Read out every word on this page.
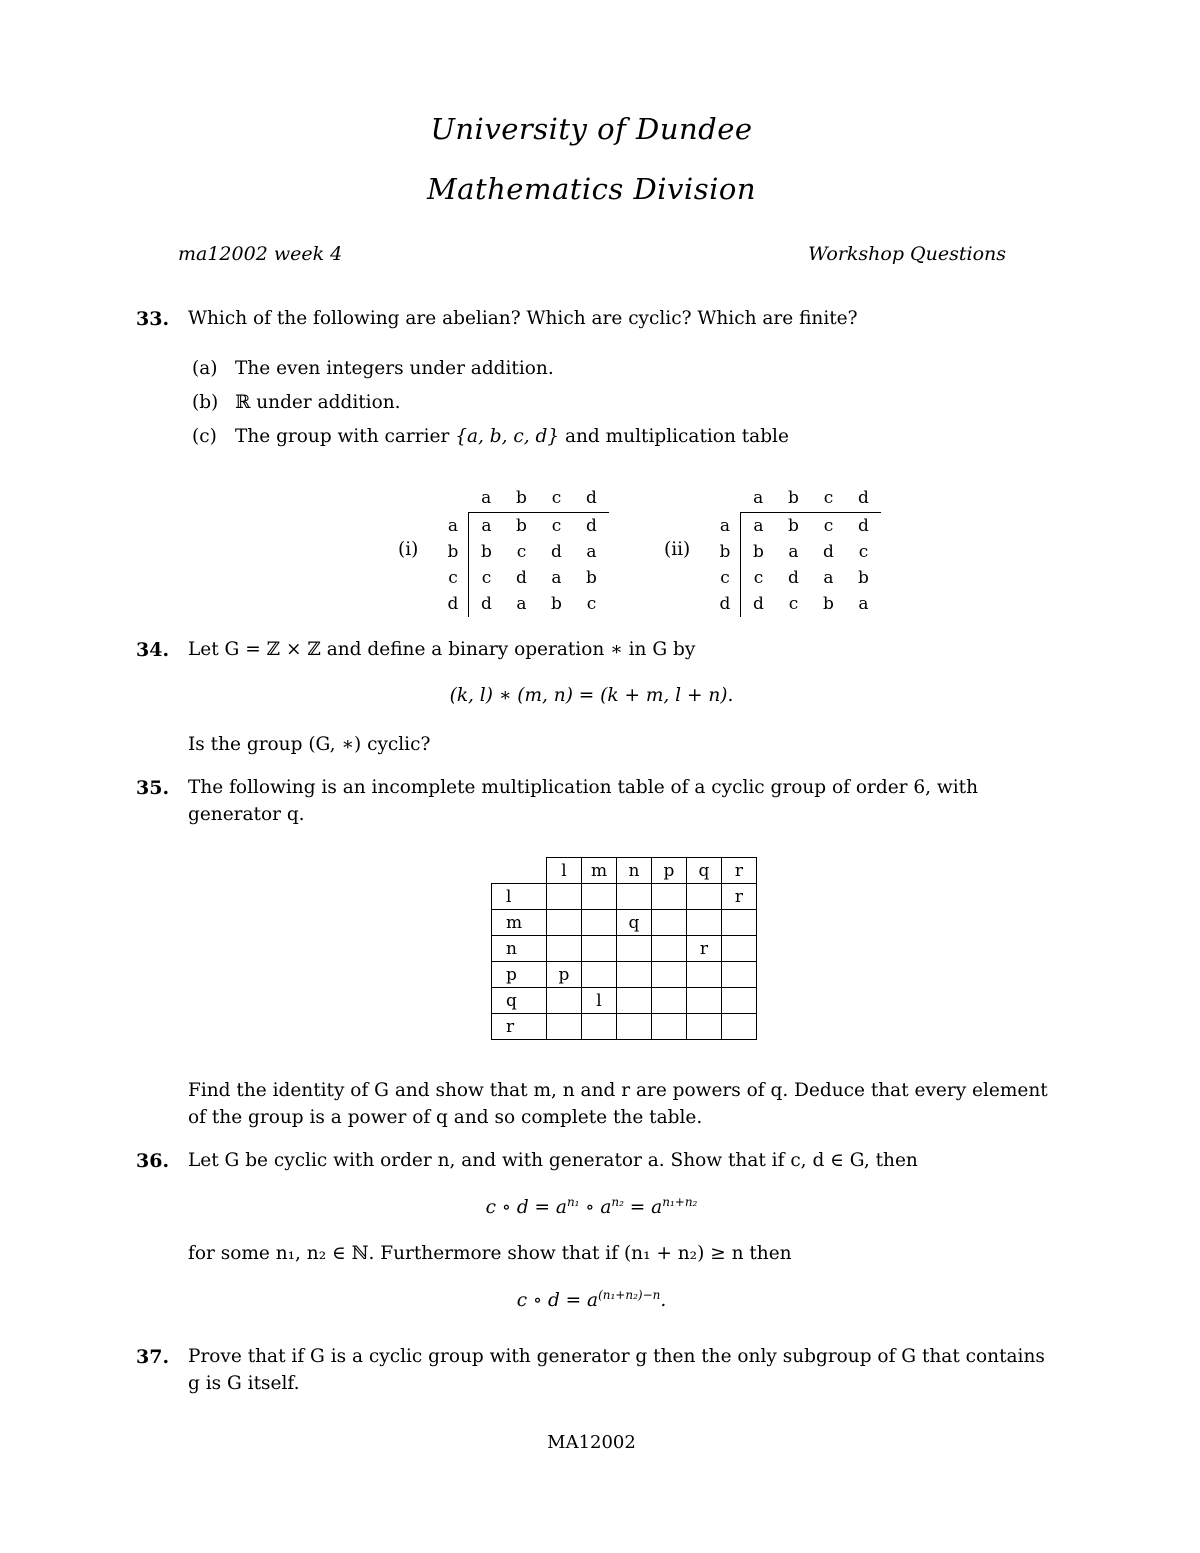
University of Dundee
Mathematics Division
ma12002 week 4	Workshop Questions
33. Which of the following are abelian? Which are cyclic? Which are finite?
(a) The even integers under addition.
(b) ℝ under addition.
(c) The group with carrier {a, b, c, d} and multiplication table
(i)
	a	b	c	d
a	a	b	c	d
b	b	c	d	a
c	c	d	a	b
d	d	a	b	c
(ii)
	a	b	c	d
a	a	b	c	d
b	b	a	d	c
c	c	d	a	b
d	d	c	b	a
34. Let G = ℤ × ℤ and define a binary operation ∗ in G by
(k, l) ∗ (m, n) = (k + m, l + n).
Is the group (G, ∗) cyclic?
35. The following is an incomplete multiplication table of a cyclic group of order 6, with generator q.
	l	m	n	p	q	r
l						r
m			q			
n					r	
p	p					
q		l				
r						
Find the identity of G and show that m, n and r are powers of q. Deduce that every element of the group is a power of q and so complete the table.
36. Let G be cyclic with order n, and with generator a. Show that if c, d ∈ G, then
c ∘ $d = a^{n_1}$ ∘ $a^{n_2} = a^{n_1+n_2}$
for some n₁, n₂ ∈ ℕ. Furthermore show that if (n₁ + n₂) ≥ n then
c ∘ $d = a^{(n_1+n_2)-n}$.
37. Prove that if G is a cyclic group with generator g then the only subgroup of G that contains g is G itself.
MA12002
